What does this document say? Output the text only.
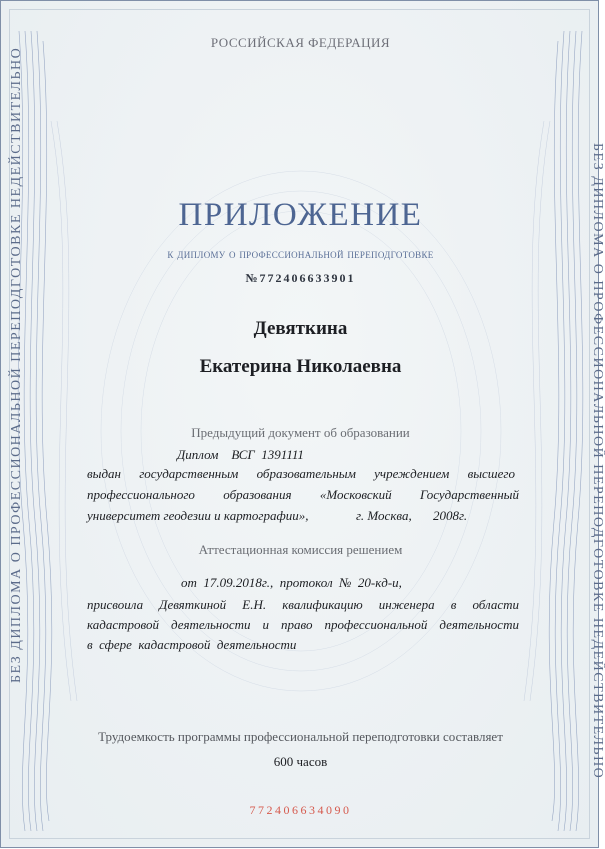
БЕЗ ДИПЛОМА О ПРОФЕССИОНАЛЬНОЙ ПЕРЕПОДГОТОВКЕ НЕДЕЙСТВИТЕЛЬНО	БЕЗ ДИПЛОМА О ПРОФЕССИОНАЛЬНОЙ ПЕРЕПОДГОТОВКЕ НЕДЕЙСТВИТЕЛЬНО
РОССИЙСКАЯ ФЕДЕРАЦИЯ
ПРИЛОЖЕНИЕ
к диплому о профессиональной переподготовке
№772406633901
Девяткина
Екатерина Николаевна
Предыдущий документ об образовании
Диплом    ВСГ  1391111
выдан государственным образовательным учреждением высшего
профессионального образования «Московский Государственный
университет геодезии и картографии»,	г. Москва, 2008г.
Аттестационная комиссия решением
от  17.09.2018г.,  протокол  №  20-кд-и,
присвоила Девяткиной Е.Н. квалификацию инженера в области
кадастровой деятельности и право профессиональной деятельности
в  сфере  кадастровой  деятельности
Трудоемкость программы профессиональной переподготовки составляет
600 часов
772406634090
